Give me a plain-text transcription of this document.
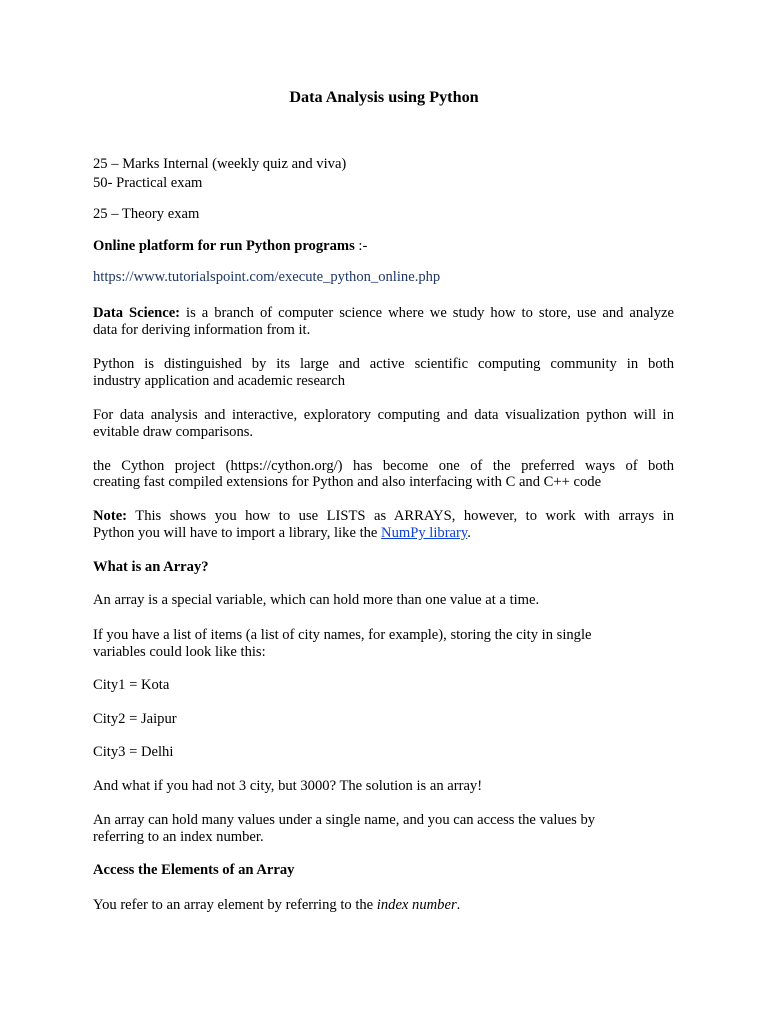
Data Analysis using Python

25 – Marks Internal (weekly quiz and viva)

50- Practical exam

25 – Theory exam

Online platform for run Python programs :-

https://www.tutorialspoint.com/execute_python_online.php

Data Science: is a branch of computer science where we study how to store, use and analyze

data for deriving information from it.

Python is distinguished by its large and active scientific computing community in both

industry application and academic research

For data analysis and interactive, exploratory computing and data visualization python will in

evitable draw comparisons.

the Cython project (https://cython.org/) has become one of the preferred ways of both

creating fast compiled extensions for Python and also interfacing with C and C++ code

Note: This shows you how to use LISTS as ARRAYS, however, to work with arrays in

Python you will have to import a library, like the NumPy library.

What is an Array?

An array is a special variable, which can hold more than one value at a time.

If you have a list of items (a list of city names, for example), storing the city in single

variables could look like this:

City1 = Kota

City2 = Jaipur

City3 = Delhi

And what if you had not 3 city, but 3000? The solution is an array!

An array can hold many values under a single name, and you can access the values by

referring to an index number.

Access the Elements of an Array

You refer to an array element by referring to the index number.
